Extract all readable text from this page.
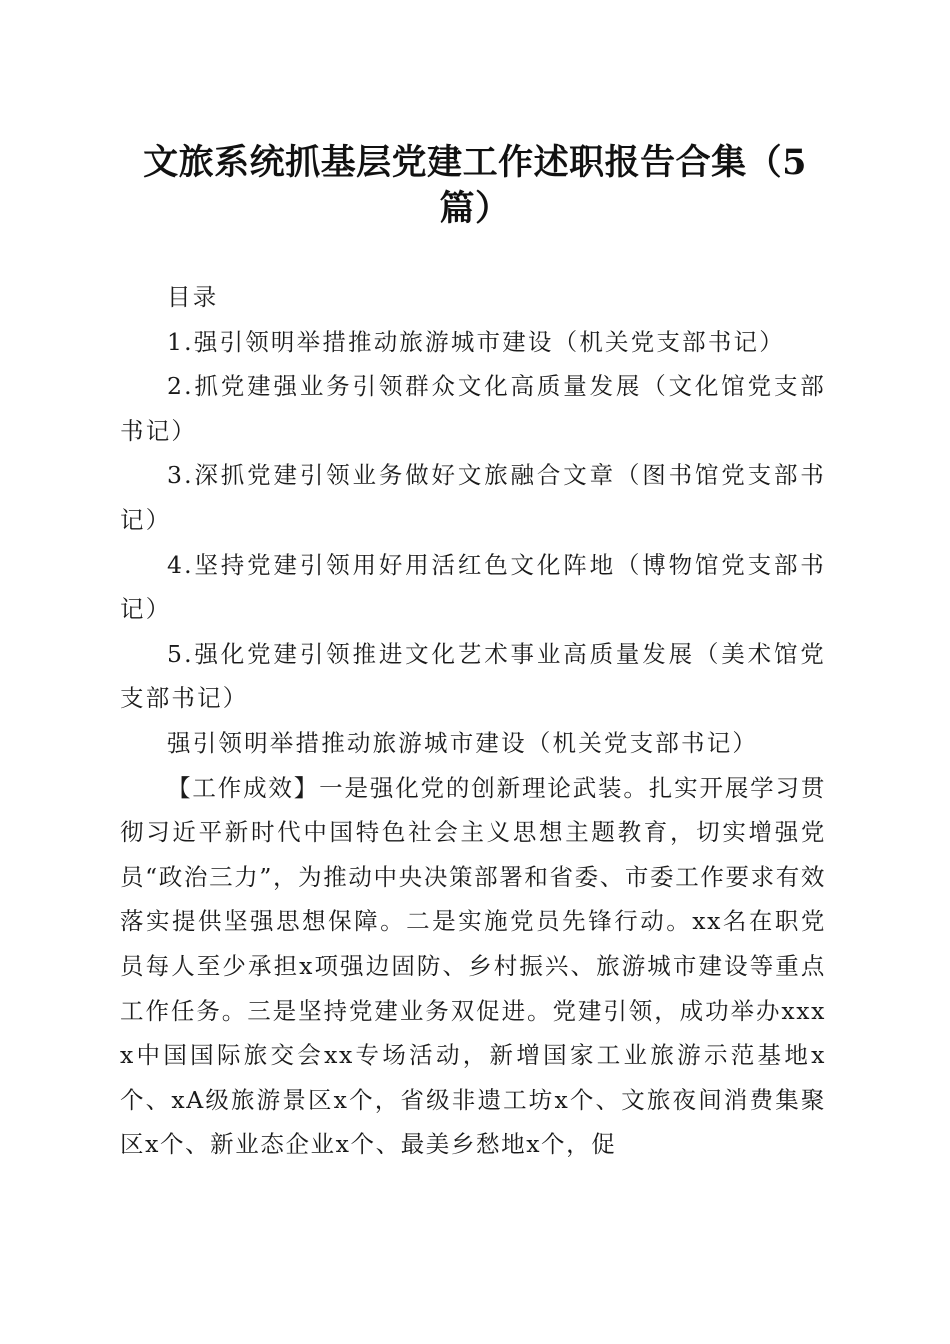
文旅系统抓基层党建工作述职报告合集（5篇）

目录

1.强引领明举措推动旅游城市建设（机关党支部书记）

2.抓党建强业务引领群众文化高质量发展（文化馆党支部书记）

3.深抓党建引领业务做好文旅融合文章（图书馆党支部书记）

4.坚持党建引领用好用活红色文化阵地（博物馆党支部书记）

5.强化党建引领推进文化艺术事业高质量发展（美术馆党支部书记）

强引领明举措推动旅游城市建设（机关党支部书记）

【工作成效】一是强化党的创新理论武装。扎实开展学习贯彻习近平新时代中国特色社会主义思想主题教育，切实增强党员“政治三力”，为推动中央决策部署和省委、市委工作要求有效落实提供坚强思想保障。二是实施党员先锋行动。xx名在职党员每人至少承担x项强边固防、乡村振兴、旅游城市建设等重点工作任务。三是坚持党建业务双促进。党建引领，成功举办xxxx中国国际旅交会xx专场活动，新增国家工业旅游示范基地x个、xA级旅游景区x个，省级非遗工坊x个、文旅夜间消费集聚区x个、新业态企业x个、最美乡愁地x个，促
